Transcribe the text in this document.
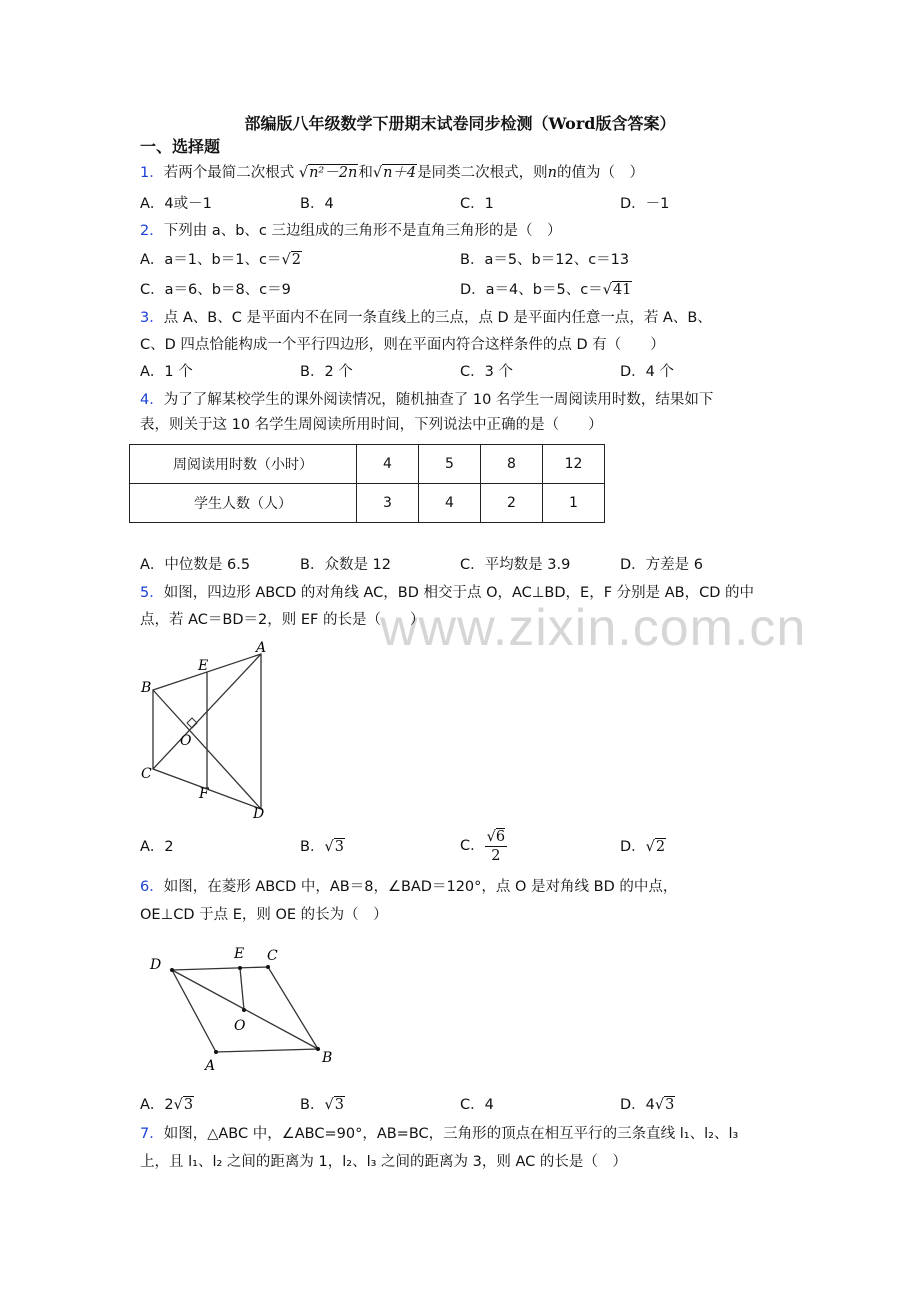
www.zixin.com.cn
部编版八年级数学下册期末试卷同步检测（Word版含答案）
一、选择题
1．若两个最简二次根式 √n²－2n和√n＋4是同类二次根式，则n的值为（　）
A．4或－1	B．4	C．1	D．－1
2．下列由 a、b、c 三边组成的三角形不是直角三角形的是（　）
A．a＝1、b＝1、c＝√2	B．a＝5、b＝12、c＝13
C．a＝6、b＝8、c＝9	D．a＝4、b＝5、c＝√41
3．点 A、B、C 是平面内不在同一条直线上的三点，点 D 是平面内任意一点，若 A、B、
C、D 四点恰能构成一个平行四边形，则在平面内符合这样条件的点 D 有（　　）
A．1 个	B．2 个	C．3 个	D．4 个
4．为了了解某校学生的课外阅读情况，随机抽查了 10 名学生一周阅读用时数，结果如下
表，则关于这 10 名学生周阅读所用时间，下列说法中正确的是（　　）
周阅读用时数（小时）	4	5	8	12
学生人数（人）	3	4	2	1
A．中位数是 6.5	B．众数是 12	C．平均数是 3.9	D．方差是 6
5．如图，四边形 ABCD 的对角线 AC，BD 相交于点 O，AC⊥BD，E，F 分别是 AB，CD 的中
点，若 AC＝BD＝2，则 EF 的长是（　　）
A
B
C
D
E
F
O
A．2	B．√3	C． $\frac{√6}{2}$	D．√2
6．如图，在菱形 ABCD 中，AB＝8，∠BAD＝120°，点 O 是对角线 BD 的中点，
OE⊥CD 于点 E，则 OE 的长为（　）
D
E C
O
A	B
A．2√3	B．√3	C．4	D．4√3
7．如图，△ABC 中，∠ABC=90°，AB=BC，三角形的顶点在相互平行的三条直线 l₁、l₂、l₃
上，且 l₁、l₂ 之间的距离为 1，l₂、l₃ 之间的距离为 3，则 AC 的长是（　）
